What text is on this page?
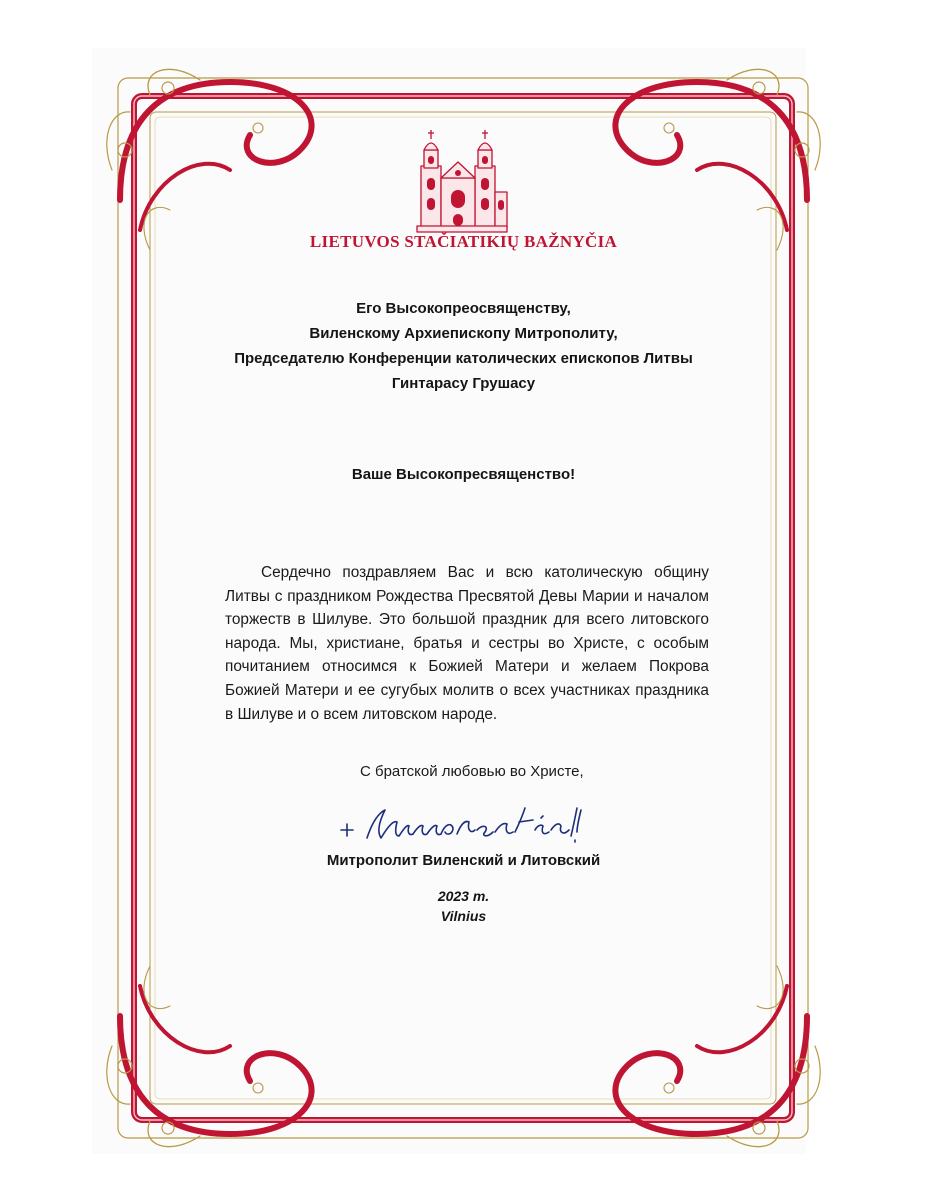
LIETUVOS STAČIATIKIŲ BAŽNYČIA
Его Высокопреосвященству,
Виленскому Архиепископу Митрополиту,
Председателю Конференции католических епископов Литвы
Гинтарасу Грушасу
Ваше Высокопресвященство!
Сердечно поздравляем Вас и всю католическую общину Литвы с праздником Рождества Пресвятой Девы Марии и началом торжеств в Шилуве. Это большой праздник для всего литовского народа. Мы, христиане, братья и сестры во Христе, с особым почитанием относимся к Божией Матери и желаем Покрова Божией Матери и ее сугубых молитв о всех участниках праздника в Шилуве и о всем литовском народе.
С братской любовью во Христе,
Митрополит Виленский и Литовский
2023 m.
Vilnius
